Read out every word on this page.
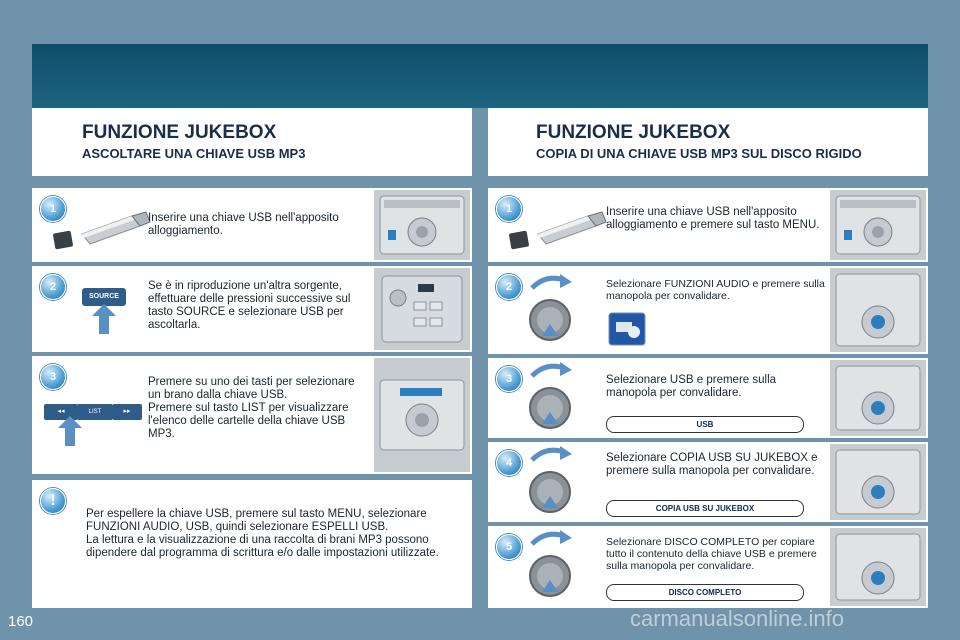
FUNZIONE JUKEBOX
ASCOLTARE UNA CHIAVE USB MP3
FUNZIONE JUKEBOX
COPIA DI UNA CHIAVE USB MP3 SUL DISCO RIGIDO
1
Inserire una chiave USB nell'apposito alloggiamento.
2
SOURCE
Se è in riproduzione un'altra sorgente, effettuare delle pressioni successive sul tasto SOURCE e selezionare USB per ascoltarla.
3
◂◂	LIST	▸▸
Premere su uno dei tasti per selezionare un brano dalla chiave USB.
Premere sul tasto LIST per visualizzare l'elenco delle cartelle della chiave USB MP3.
!
Per espellere la chiave USB, premere sul tasto MENU, selezionare FUNZIONI AUDIO, USB, quindi selezionare ESPELLI USB.
La lettura e la visualizzazione di una raccolta di brani MP3 possono dipendere dal programma di scrittura e/o dalle impostazioni utilizzate.
1	Inserire una chiave USB nell'apposito alloggiamento e premere sul tasto MENU.
2	Selezionare FUNZIONI AUDIO e premere sulla manopola per convalidare.
3	Selezionare USB e premere sulla manopola per convalidare.
USB
4	Selezionare COPIA USB SU JUKEBOX e premere sulla manopola per convalidare.
COPIA USB SU JUKEBOX
5	Selezionare DISCO COMPLETO per copiare tutto il contenuto della chiave USB e premere sulla manopola per convalidare.
DISCO COMPLETO
160	carmanualsonline.info
